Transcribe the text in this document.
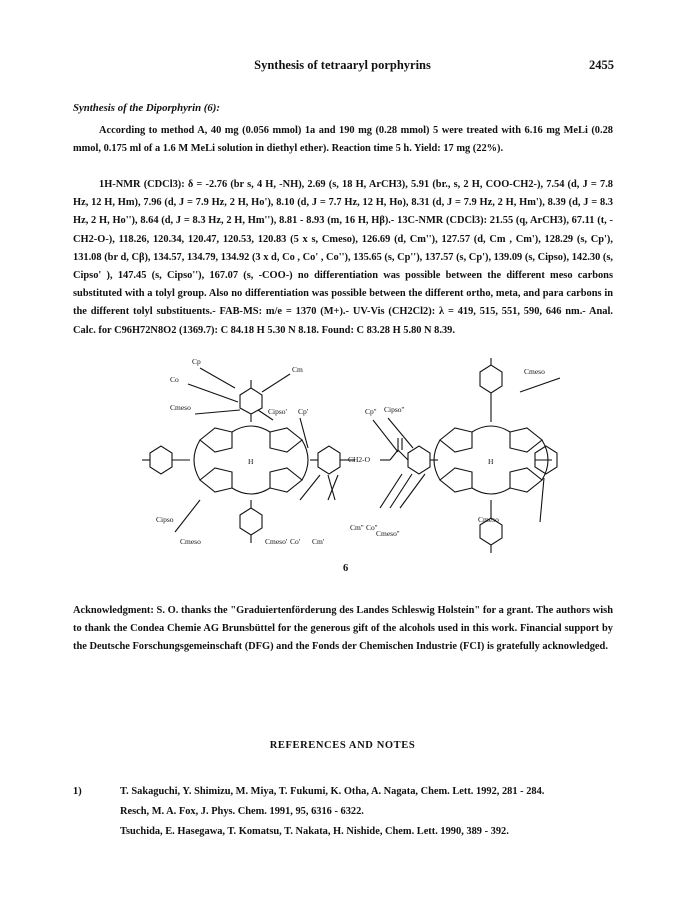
Synthesis of tetraaryl porphyrins	2455
Synthesis of the Diporphyrin (6):
According to method A, 40 mg (0.056 mmol) 1a and 190 mg (0.28 mmol) 5 were treated with 6.16 mg MeLi (0.28 mmol, 0.175 ml of a 1.6 M MeLi solution in diethyl ether). Reaction time 5 h. Yield: 17 mg (22%).
1H-NMR (CDCl3): δ = -2.76 (br s, 4 H, -NH), 2.69 (s, 18 H, ArCH3), 5.91 (br., s, 2 H, COO-CH2-), 7.54 (d, J = 7.8 Hz, 12 H, Hm), 7.96 (d, J = 7.9 Hz, 2 H, Ho'), 8.10 (d, J = 7.7 Hz, 12 H, Ho), 8.31 (d, J = 7.9 Hz, 2 H, Hm'), 8.39 (d, J = 8.3 Hz, 2 H, Ho''), 8.64 (d, J = 8.3 Hz, 2 H, Hm''), 8.81 - 8.93 (m, 16 H, Hβ).- 13C-NMR (CDCl3): 21.55 (q, ArCH3), 67.11 (t, -CH2-O-), 118.26, 120.34, 120.47, 120.53, 120.83 (5 x s, Cmeso), 126.69 (d, Cm''), 127.57 (d, Cm , Cm'), 128.29 (s, Cp'), 131.08 (br d, Cβ), 134.57, 134.79, 134.92 (3 x d, Co , Co' , Co''), 135.65 (s, Cp''), 137.57 (s, Cp'), 139.09 (s, Cipso), 142.30 (s, Cipso' ), 147.45 (s, Cipso''), 167.07 (s, -COO-) no differentiation was possible between the different meso carbons substituted with a tolyl group. Also no differentiation was possible between the different ortho, meta, and para carbons in the different tolyl substituents.- FAB-MS: m/e = 1370 (M+).- UV-Vis (CH2Cl2): λ = 419, 515, 551, 590, 646 nm.- Anal. Calc. for C96H72N8O2 (1369.7): C 84.18 H 5.30 N 8.18. Found: C 83.28 H 5.80 N 8.39.
Cp
Cm
Co
Cmeso	Cipso' Cp'	Cp'' Cipso''
Cmeso
CH2-O
Cipso
Cmeso	Cmeso' Co' Cm'
Cm'' Co''
Cmeso''
Cmeso
H	H
6
Acknowledgment: S. O. thanks the "Graduiertenförderung des Landes Schleswig Holstein" for a grant. The authors wish to thank the Condea Chemie AG Brunsbüttel for the generous gift of the alcohols used in this work. Financial support by the Deutsche Forschungsgemeinschaft (DFG) and the Fonds der Chemischen Industrie (FCI) is gratefully acknowledged.
REFERENCES AND NOTES
1)	T. Sakaguchi, Y. Shimizu, M. Miya, T. Fukumi, K. Otha, A. Nagata, Chem. Lett. 1992, 281 - 284.
Resch, M. A. Fox, J. Phys. Chem. 1991, 95, 6316 - 6322.
Tsuchida, E. Hasegawa, T. Komatsu, T. Nakata, H. Nishide, Chem. Lett. 1990, 389 - 392.
